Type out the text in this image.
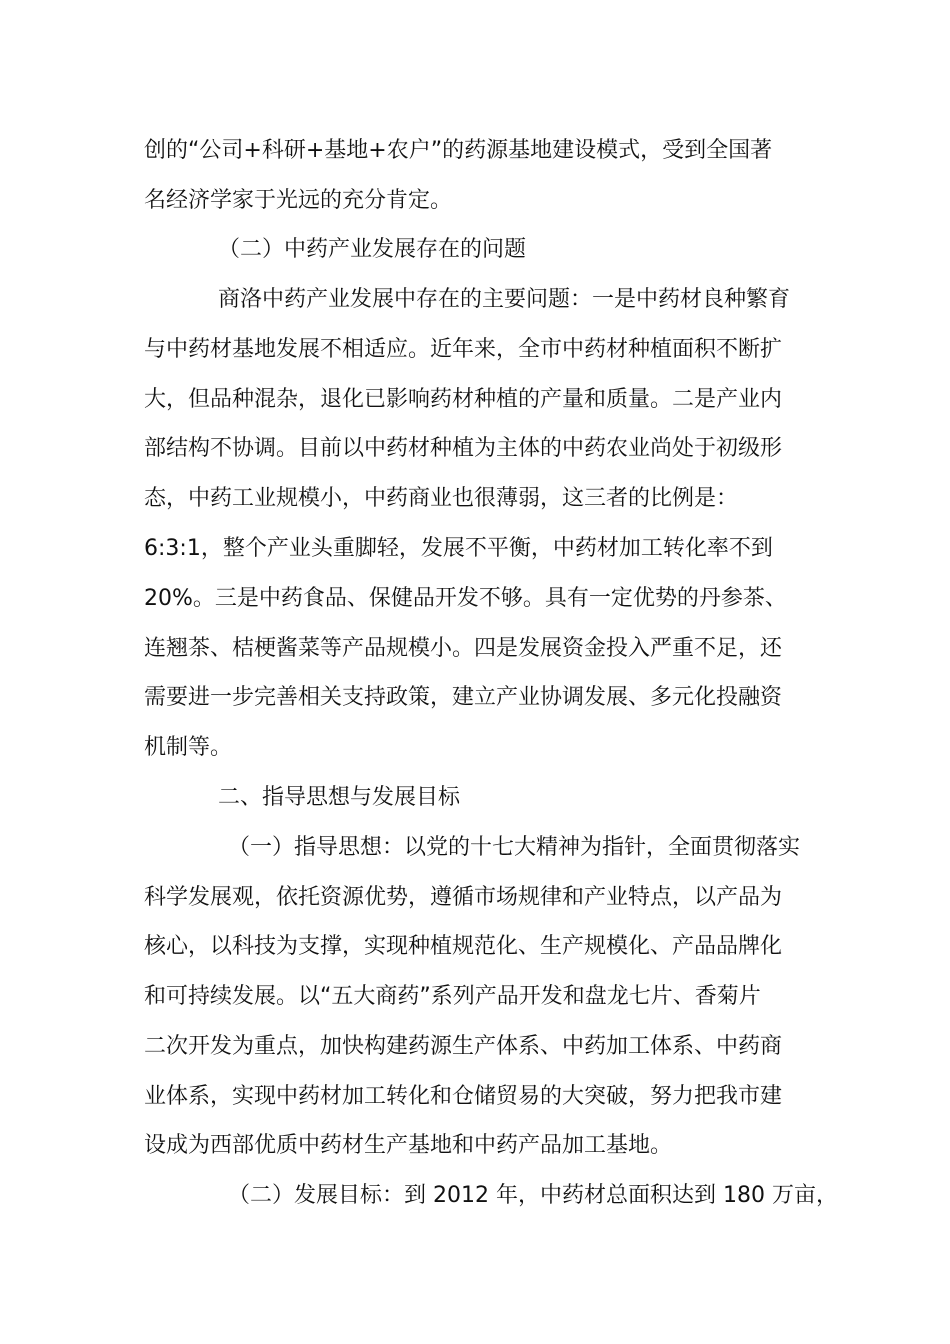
创的“公司+科研+基地+农户”的药源基地建设模式，受到全国著
名经济学家于光远的充分肯定。
（二）中药产业发展存在的问题
商洛中药产业发展中存在的主要问题：一是中药材良种繁育
与中药材基地发展不相适应。近年来，全市中药材种植面积不断扩
大，但品种混杂，退化已影响药材种植的产量和质量。二是产业内
部结构不协调。目前以中药材种植为主体的中药农业尚处于初级形
态，中药工业规模小，中药商业也很薄弱，这三者的比例是：
6:3:1，整个产业头重脚轻，发展不平衡，中药材加工转化率不到
20%。三是中药食品、保健品开发不够。具有一定优势的丹参茶、
连翘茶、桔梗酱菜等产品规模小。四是发展资金投入严重不足，还
需要进一步完善相关支持政策，建立产业协调发展、多元化投融资
机制等。
二、指导思想与发展目标
（一）指导思想：以党的十七大精神为指针，全面贯彻落实
科学发展观，依托资源优势，遵循市场规律和产业特点，以产品为
核心，以科技为支撑，实现种植规范化、生产规模化、产品品牌化
和可持续发展。以“五大商药”系列产品开发和盘龙七片、香菊片
二次开发为重点，加快构建药源生产体系、中药加工体系、中药商
业体系，实现中药材加工转化和仓储贸易的大突破，努力把我市建
设成为西部优质中药材生产基地和中药产品加工基地。
（二）发展目标：到 2012 年，中药材总面积达到 180 万亩，
